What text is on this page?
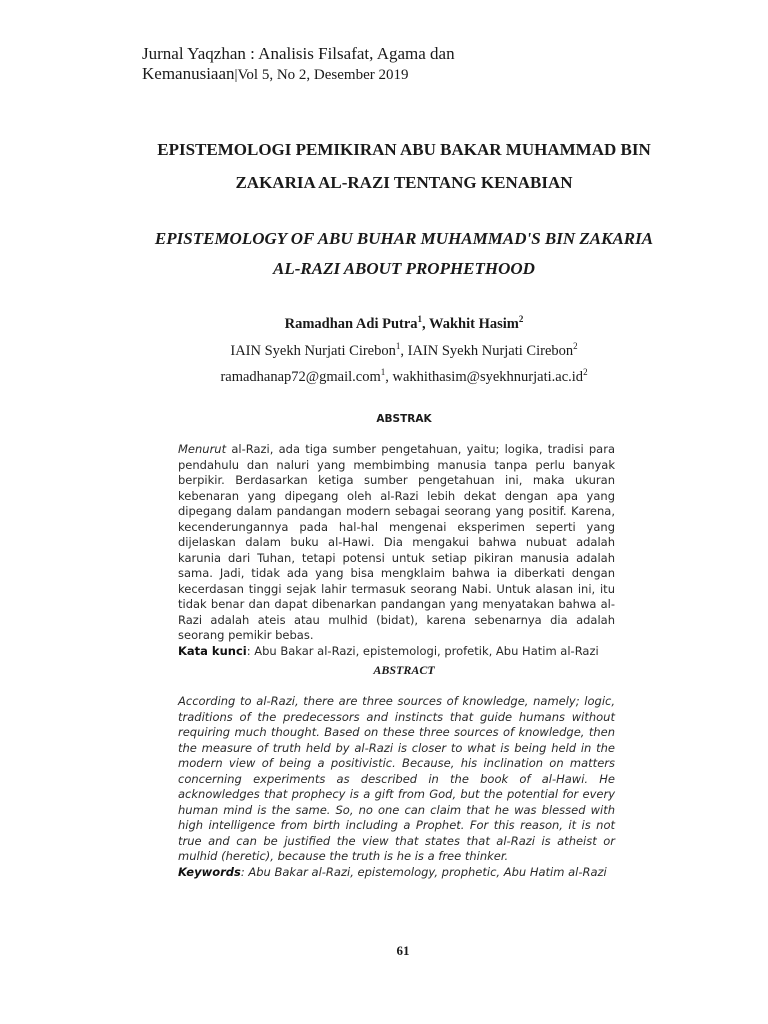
Jurnal Yaqzhan : Analisis Filsafat, Agama dan
Kemanusiaan|Vol 5, No 2, Desember 2019
EPISTEMOLOGI PEMIKIRAN ABU BAKAR MUHAMMAD BIN
ZAKARIA AL-RAZI TENTANG KENABIAN
EPISTEMOLOGY OF ABU BUHAR MUHAMMAD'S BIN ZAKARIA
AL-RAZI ABOUT PROPHETHOOD
Ramadhan Adi Putra$^1$, Wakhit Hasim$^2$
IAIN Syekh Nurjati Cirebon$^1$, IAIN Syekh Nurjati Cirebon$^2$
ramadhanap72@gmail.com$^1$, $wakhithasim@syekhnurjati.ac.id^2$
ABSTRAK
Menurut al-Razi, ada tiga sumber pengetahuan, yaitu; logika, tradisi para pendahulu dan naluri yang membimbing manusia tanpa perlu banyak berpikir. Berdasarkan ketiga sumber pengetahuan ini, maka ukuran kebenaran yang dipegang oleh al-Razi lebih dekat dengan apa yang dipegang dalam pandangan modern sebagai seorang yang positif. Karena, kecenderungannya pada hal-hal mengenai eksperimen seperti yang dijelaskan dalam buku al-Hawi. Dia mengakui bahwa nubuat adalah karunia dari Tuhan, tetapi potensi untuk setiap pikiran manusia adalah sama. Jadi, tidak ada yang bisa mengklaim bahwa ia diberkati dengan kecerdasan tinggi sejak lahir termasuk seorang Nabi. Untuk alasan ini, itu tidak benar dan dapat dibenarkan pandangan yang menyatakan bahwa al-Razi adalah ateis atau mulhid (bidat), karena sebenarnya dia adalah seorang pemikir bebas.
Kata kunci: Abu Bakar al-Razi, epistemologi, profetik, Abu Hatim al-Razi
ABSTRACT
According to al-Razi, there are three sources of knowledge, namely; logic, traditions of the predecessors and instincts that guide humans without requiring much thought. Based on these three sources of knowledge, then the measure of truth held by al-Razi is closer to what is being held in the modern view of being a positivistic. Because, his inclination on matters concerning experiments as described in the book of al-Hawi. He acknowledges that prophecy is a gift from God, but the potential for every human mind is the same. So, no one can claim that he was blessed with high intelligence from birth including a Prophet. For this reason, it is not true and can be justified the view that states that al-Razi is atheist or mulhid (heretic), because the truth is he is a free thinker.
Keywords: Abu Bakar al-Razi, epistemology, prophetic, Abu Hatim al-Razi
61
